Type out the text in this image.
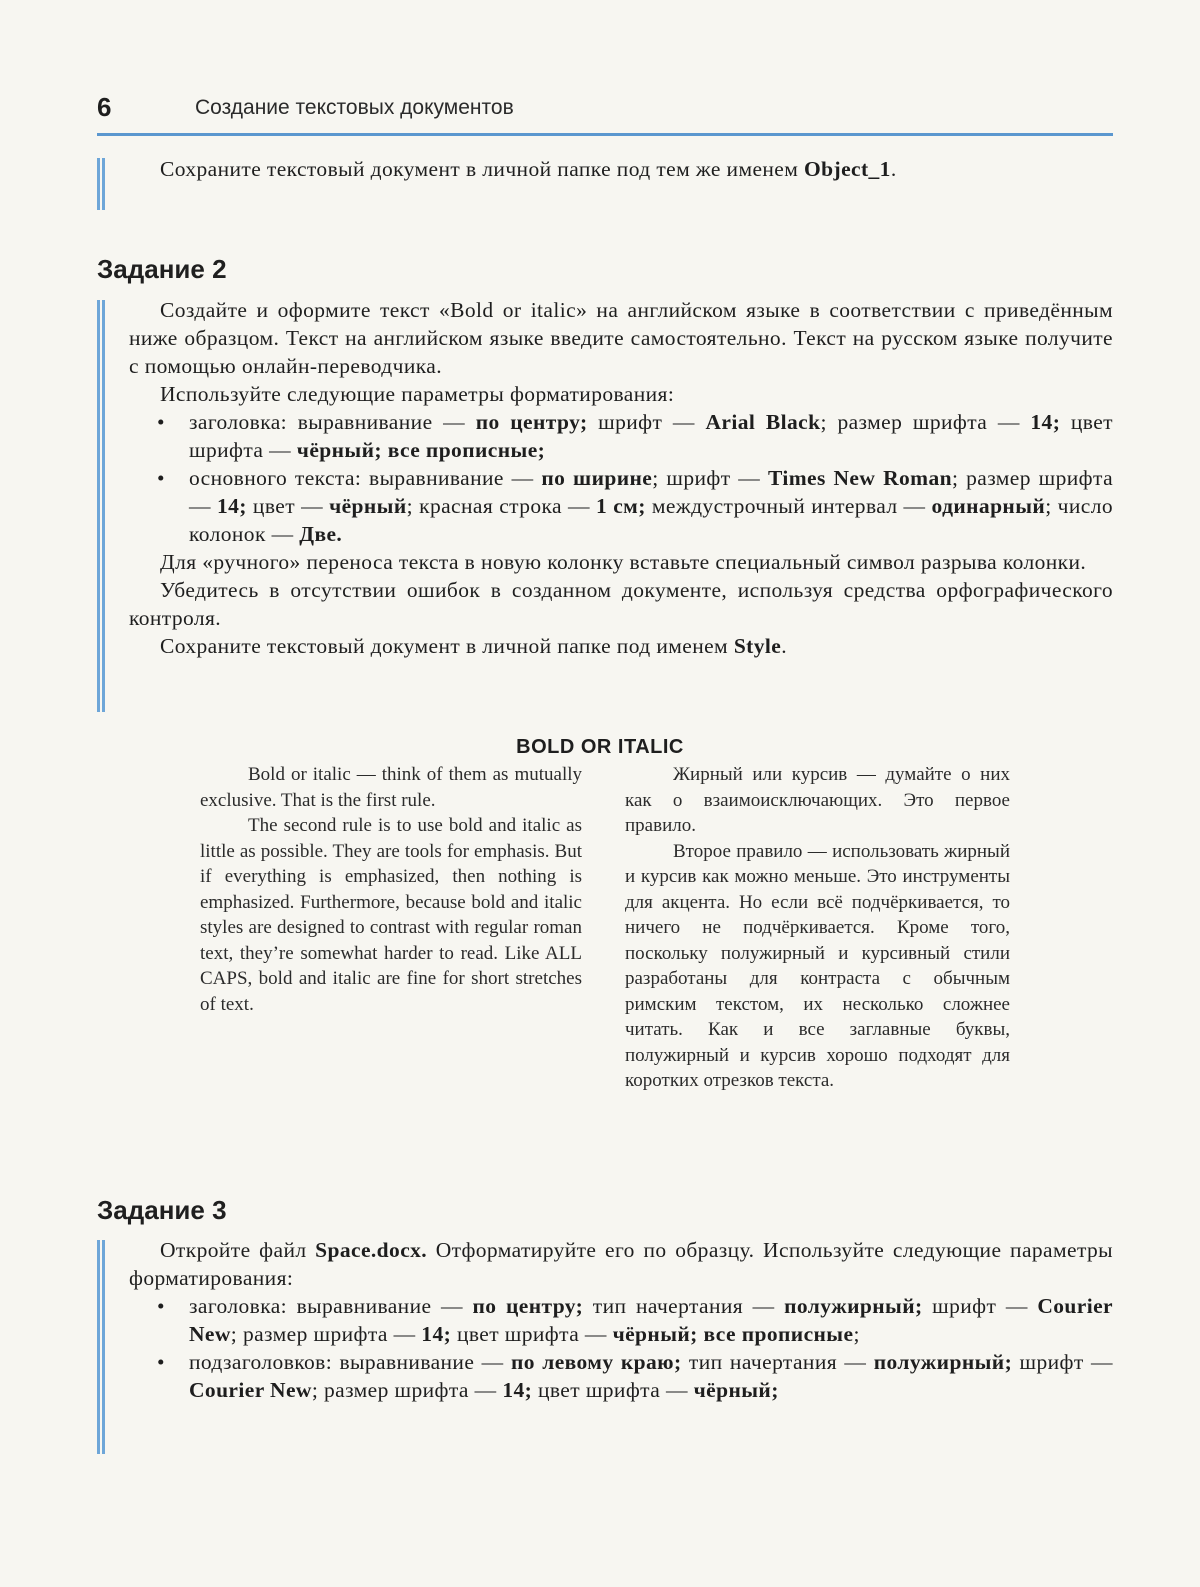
6	Создание текстовых документов

Сохраните текстовый документ в личной папке под тем же именем Object_1.

Задание 2

Создайте и оформите текст «Bold or italic» на английском языке в соответствии с приведённым ниже образцом. Текст на английском языке введите самостоятельно. Текст на русском языке получите с помощью онлайн-переводчика.

Используйте следующие параметры форматирования:

• заголовка: выравнивание — по центру; шрифт — Arial Black; размер шрифта — 14; цвет шрифта — чёрный; все прописные;
• основного текста: выравнивание — по ширине; шрифт — Times New Roman; размер шрифта — 14; цвет — чёрный; красная строка — 1 см; междустрочный интервал — одинарный; число колонок — Две.

Для «ручного» переноса текста в новую колонку вставьте специальный символ разрыва колонки.

Убедитесь в отсутствии ошибок в созданном документе, используя средства орфографического контроля.

Сохраните текстовый документ в личной папке под именем Style.

BOLD OR ITALIC

Bold or italic — think of them as mutually exclusive. That is the first rule.

The second rule is to use bold and italic as little as possible. They are tools for emphasis. But if everything is emphasized, then nothing is emphasized. Furthermore, because bold and italic styles are designed to contrast with regular roman text, they’re somewhat harder to read. Like ALL CAPS, bold and italic are fine for short stretches of text.

Жирный или курсив — думайте о них как о взаимоисключающих. Это первое правило.

Второе правило — использовать жирный и курсив как можно меньше. Это инструменты для акцента. Но если всё подчёркивается, то ничего не подчёркивается. Кроме того, поскольку полужирный и курсивный стили разработаны для контраста с обычным римским текстом, их несколько сложнее читать. Как и все заглавные буквы, полужирный и курсив хорошо подходят для коротких отрезков текста.

Задание 3

Откройте файл Space.docx. Отформатируйте его по образцу. Используйте следующие параметры форматирования:

• заголовка: выравнивание — по центру; тип начертания — полужирный; шрифт — Courier New; размер шрифта — 14; цвет шрифта — чёрный; все прописные;
• подзаголовков: выравнивание — по левому краю; тип начертания — полужирный; шрифт — Courier New; размер шрифта — 14; цвет шрифта — чёрный;
